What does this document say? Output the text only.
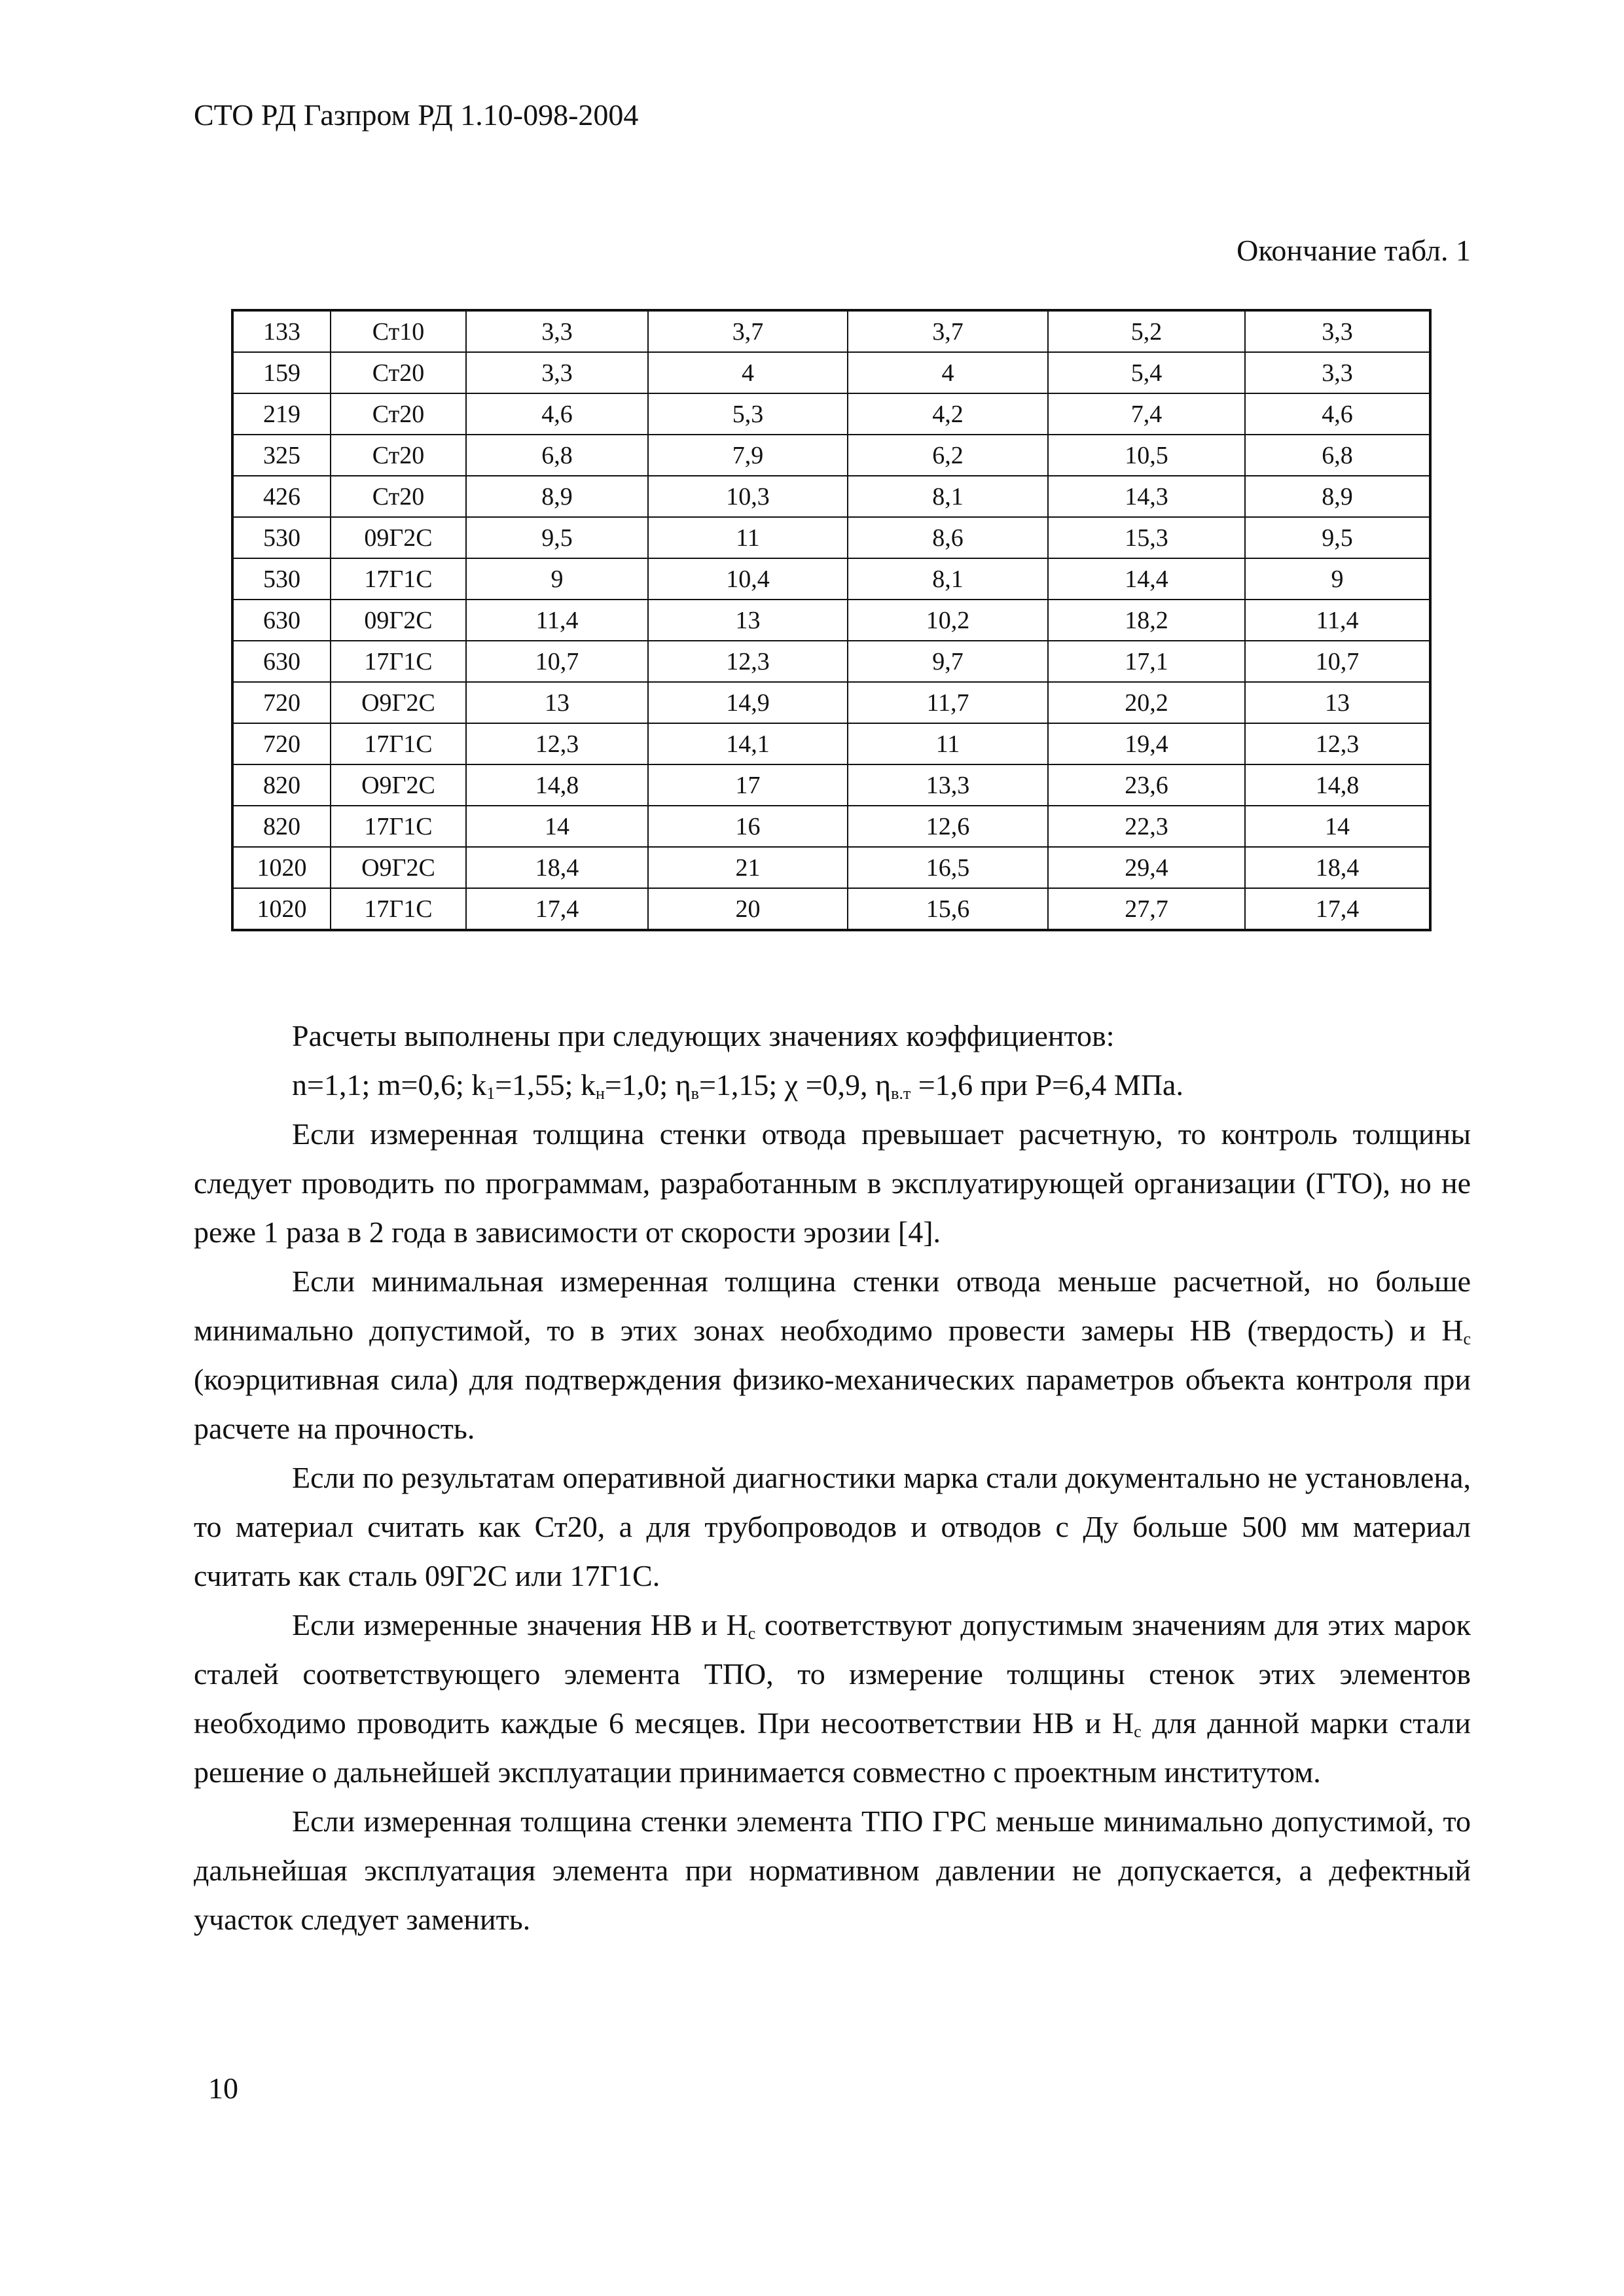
СТО РД Газпром РД 1.10-098-2004
Окончание табл. 1
133	Ст10	3,3	3,7	3,7	5,2	3,3
159	Ст20	3,3	4	4	5,4	3,3
219	Ст20	4,6	5,3	4,2	7,4	4,6
325	Ст20	6,8	7,9	6,2	10,5	6,8
426	Ст20	8,9	10,3	8,1	14,3	8,9
530	09Г2С	9,5	11	8,6	15,3	9,5
530	17Г1С	9	10,4	8,1	14,4	9
630	09Г2С	11,4	13	10,2	18,2	11,4
630	17Г1С	10,7	12,3	9,7	17,1	10,7
720	О9Г2С	13	14,9	11,7	20,2	13
720	17Г1С	12,3	14,1	11	19,4	12,3
820	О9Г2С	14,8	17	13,3	23,6	14,8
820	17Г1С	14	16	12,6	22,3	14
1020	О9Г2С	18,4	21	16,5	29,4	18,4
1020	17Г1С	17,4	20	15,6	27,7	17,4

Расчеты выполнены при следующих значениях коэффициентов:

n=1,1; m=0,6; $k_1=1,55$; $k_н=1,0$; $\eta_в=1,15$; χ =0,9, $\eta_{в.т} =1,6$ при Р=6,4 МПа.

Если измеренная толщина стенки отвода превышает расчетную, то контроль толщины следует проводить по программам, разработанным в эксплуатирующей организации (ГТО), но не реже 1 раза в 2 года в зависимости от скорости эрозии [4].

Если минимальная измеренная толщина стенки отвода меньше расчетной, но больше минимально допустимой, то в этих зонах необходимо провести замеры НВ (твердость) и $Н_с$ (коэрцитивная сила) для подтверждения физико-механических параметров объекта контроля при расчете на прочность.

Если по результатам оперативной диагностики марка стали документально не установлена, то материал считать как Ст20, а для трубопроводов и отводов с Ду больше 500 мм материал считать как сталь 09Г2С или 17Г1С.

Если измеренные значения НВ и $Н_с$ соответствуют допустимым значениям для этих марок сталей соответствующего элемента ТПО, то измерение толщины стенок этих элементов необходимо проводить каждые 6 месяцев. При несоответствии НВ и $Н_с$ для данной марки стали решение о дальнейшей эксплуатации принимается совместно с проектным институтом.

Если измеренная толщина стенки элемента ТПО ГРС меньше минимально допустимой, то дальнейшая эксплуатация элемента при нормативном давлении не допускается, а дефектный участок следует заменить.

10
